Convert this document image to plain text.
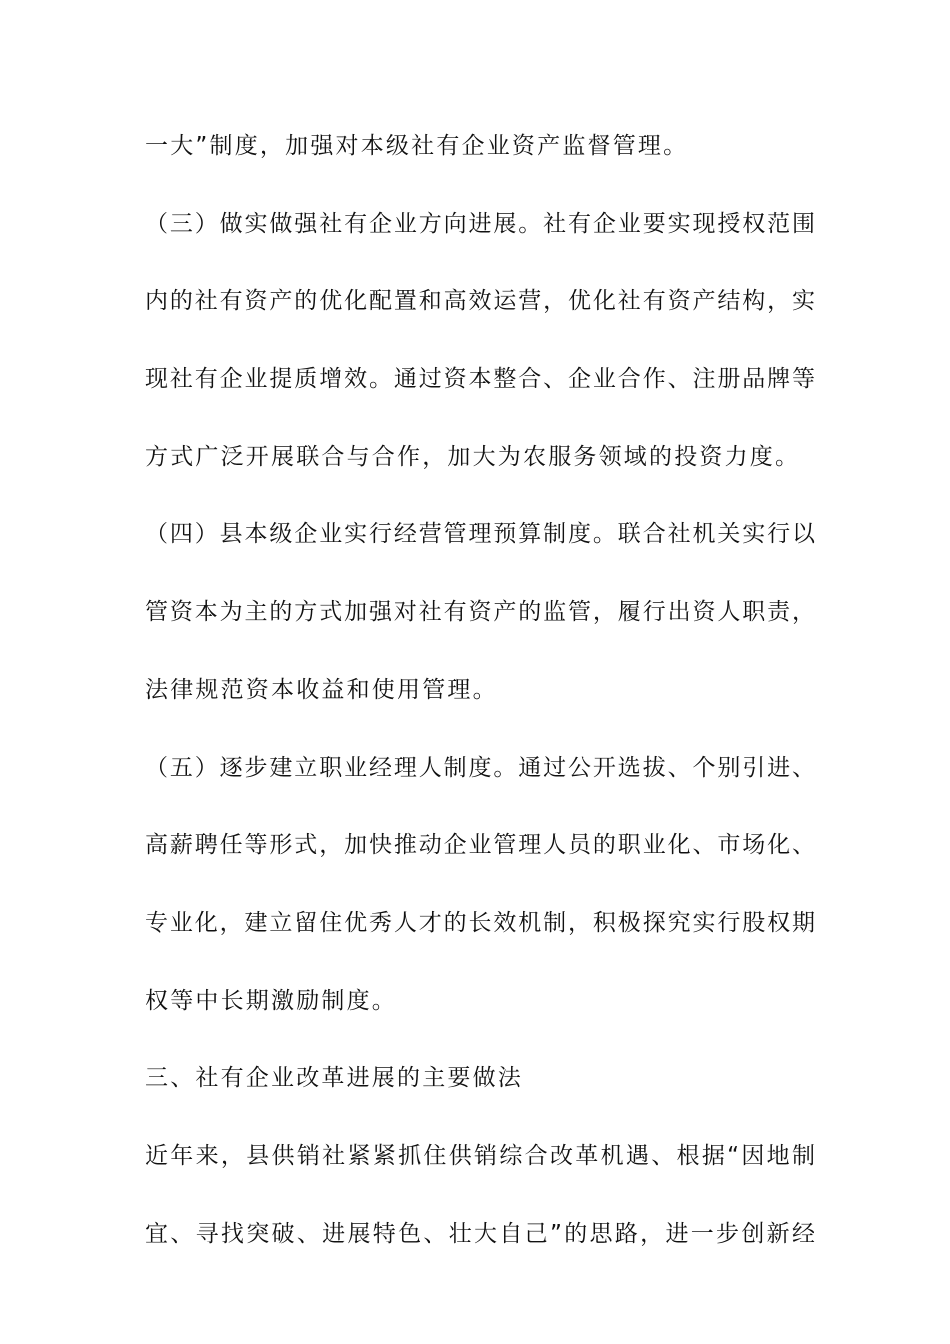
一大”制度，加强对本级社有企业资产监督管理。
（三）做实做强社有企业方向进展。社有企业要实现授权范围
内的社有资产的优化配置和高效运营，优化社有资产结构，实
现社有企业提质增效。通过资本整合、企业合作、注册品牌等
方式广泛开展联合与合作，加大为农服务领域的投资力度。
（四）县本级企业实行经营管理预算制度。联合社机关实行以
管资本为主的方式加强对社有资产的监管，履行出资人职责，
法律规范资本收益和使用管理。
（五）逐步建立职业经理人制度。通过公开选拔、个别引进、
高薪聘任等形式，加快推动企业管理人员的职业化、市场化、
专业化，建立留住优秀人才的长效机制，积极探究实行股权期
权等中长期激励制度。
三、社有企业改革进展的主要做法
近年来，县供销社紧紧抓住供销综合改革机遇、根据“因地制
宜、寻找突破、进展特色、壮大自己”的思路，进一步创新经
